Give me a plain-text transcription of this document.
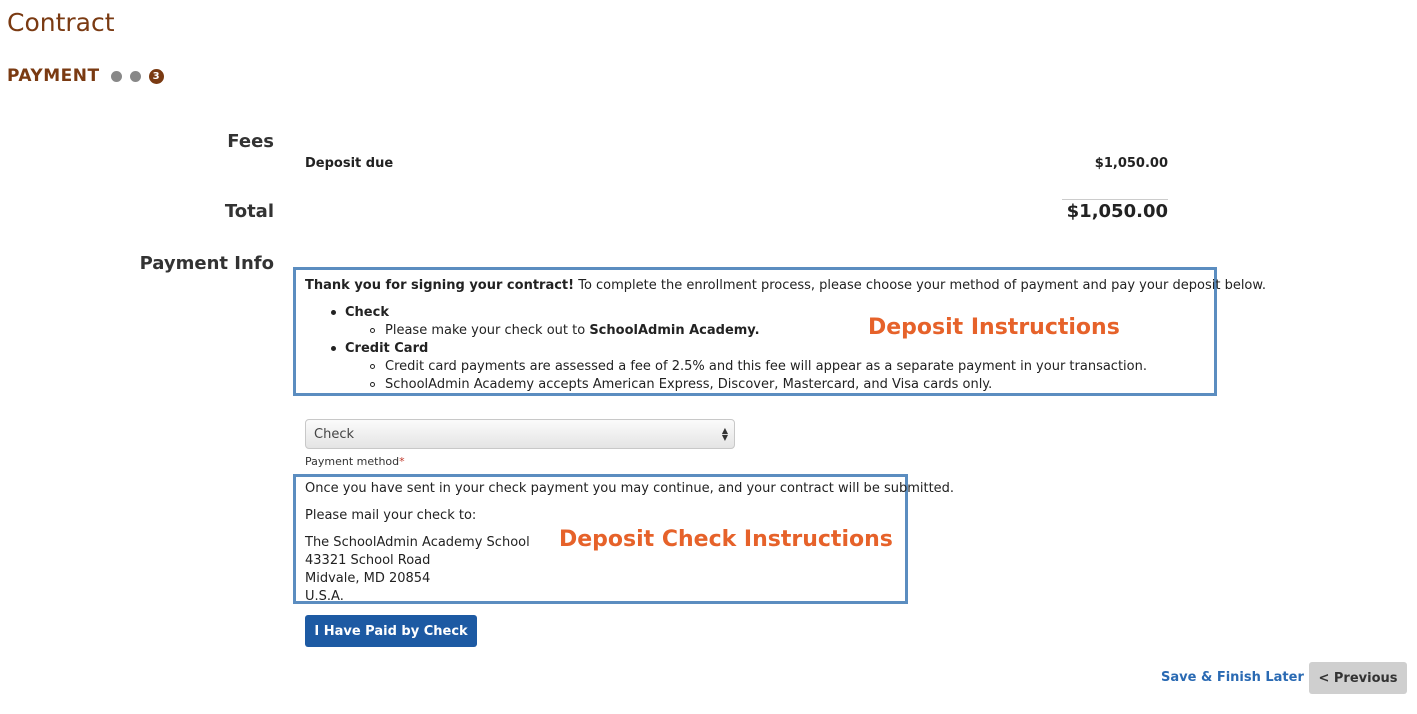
Contract
PAYMENT	3
Fees
Deposit due	$1,050.00
Total	$1,050.00
Payment Info
Thank you for signing your contract! To complete the enrollment process, please choose your method of payment and pay your deposit below.
Check
Please make your check out to SchoolAdmin Academy.
Credit Card
Credit card payments are assessed a fee of 2.5% and this fee will appear as a separate payment in your transaction.
SchoolAdmin Academy accepts American Express, Discover, Mastercard, and Visa cards only.
Deposit Instructions
Check	▲
▼
Payment method*
Once you have sent in your check payment you may continue, and your contract will be submitted.
Please mail your check to:
The SchoolAdmin Academy School
43321 School Road
Midvale, MD 20854
U.S.A.
Deposit Check Instructions
I Have Paid by Check
Save & Finish Later	< Previous
